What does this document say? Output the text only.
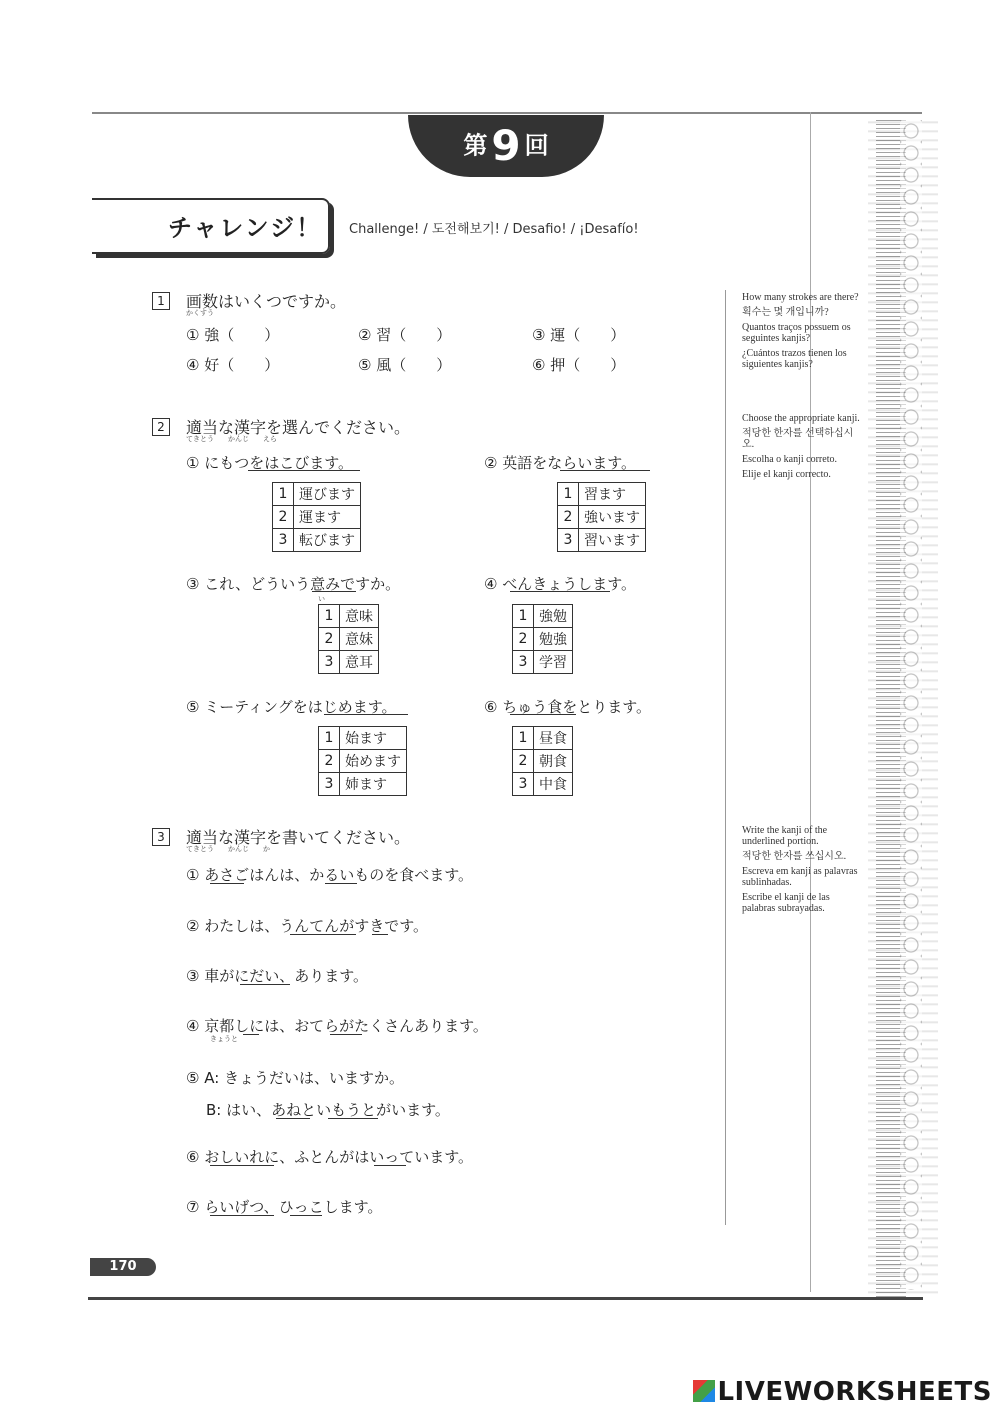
第9 回
チャレンジ！ Challenge! / 도전해보기! / Desafio! / ¡Desafío!
1	画数はいくつですか。
かくすう
① 強（　　）	② 習（　　）	③ 運（　　）
④ 好（　　）	⑤ 風（　　）	⑥ 押（　　）
How many strokes are there?
획수는 몇 개입니까?
Quantos traços possuem os seguintes kanjis?
¿Cuántos trazos tienen los siguientes kanjis?
2	適当な漢字を選んでください。
てきとう　　かんじ　　えら
① にもつをはこびます。
1	運びます
2	運ます
3	転びます
② 英語をならいます。
1	習ます
2	強います
3	習います
③ これ、どういう意みですか。
い
1	意味
2	意妹
3	意耳
④ べんきょうします。
1	強勉
2	勉強
3	学習
⑤ ミーティングをはじめます。
1	始ます
2	始めます
3	姉ます
⑥ ちゅう食をとります。
1	昼食
2	朝食
3	中食
Choose the appropriate kanji.
적당한 한자를 선택하십시오.
Escolha o kanji correto.
Elije el kanji correcto.
3	適当な漢字を書いてください。
てきとう　　かんじ　　か
① あさごはんは、かるいものを食べます。
② わたしは、うんてんがすきです。
③ 車がにだい、あります。
④ 京都しには、おてらがたくさんあります。
きょうと
⑤ A: きょうだいは、いますか。
B: はい、あねといもうとがいます。
⑥ おしいれに、ふとんがはいっています。
⑦ らいげつ、ひっこします。
Write the kanji of the underlined portion.
적당한 한자를 쓰십시오.
Escreva em kanji as palavras sublinhadas.
Escribe el kanji de las palabras subrayadas.
170
LIVEWORKSHEETS
